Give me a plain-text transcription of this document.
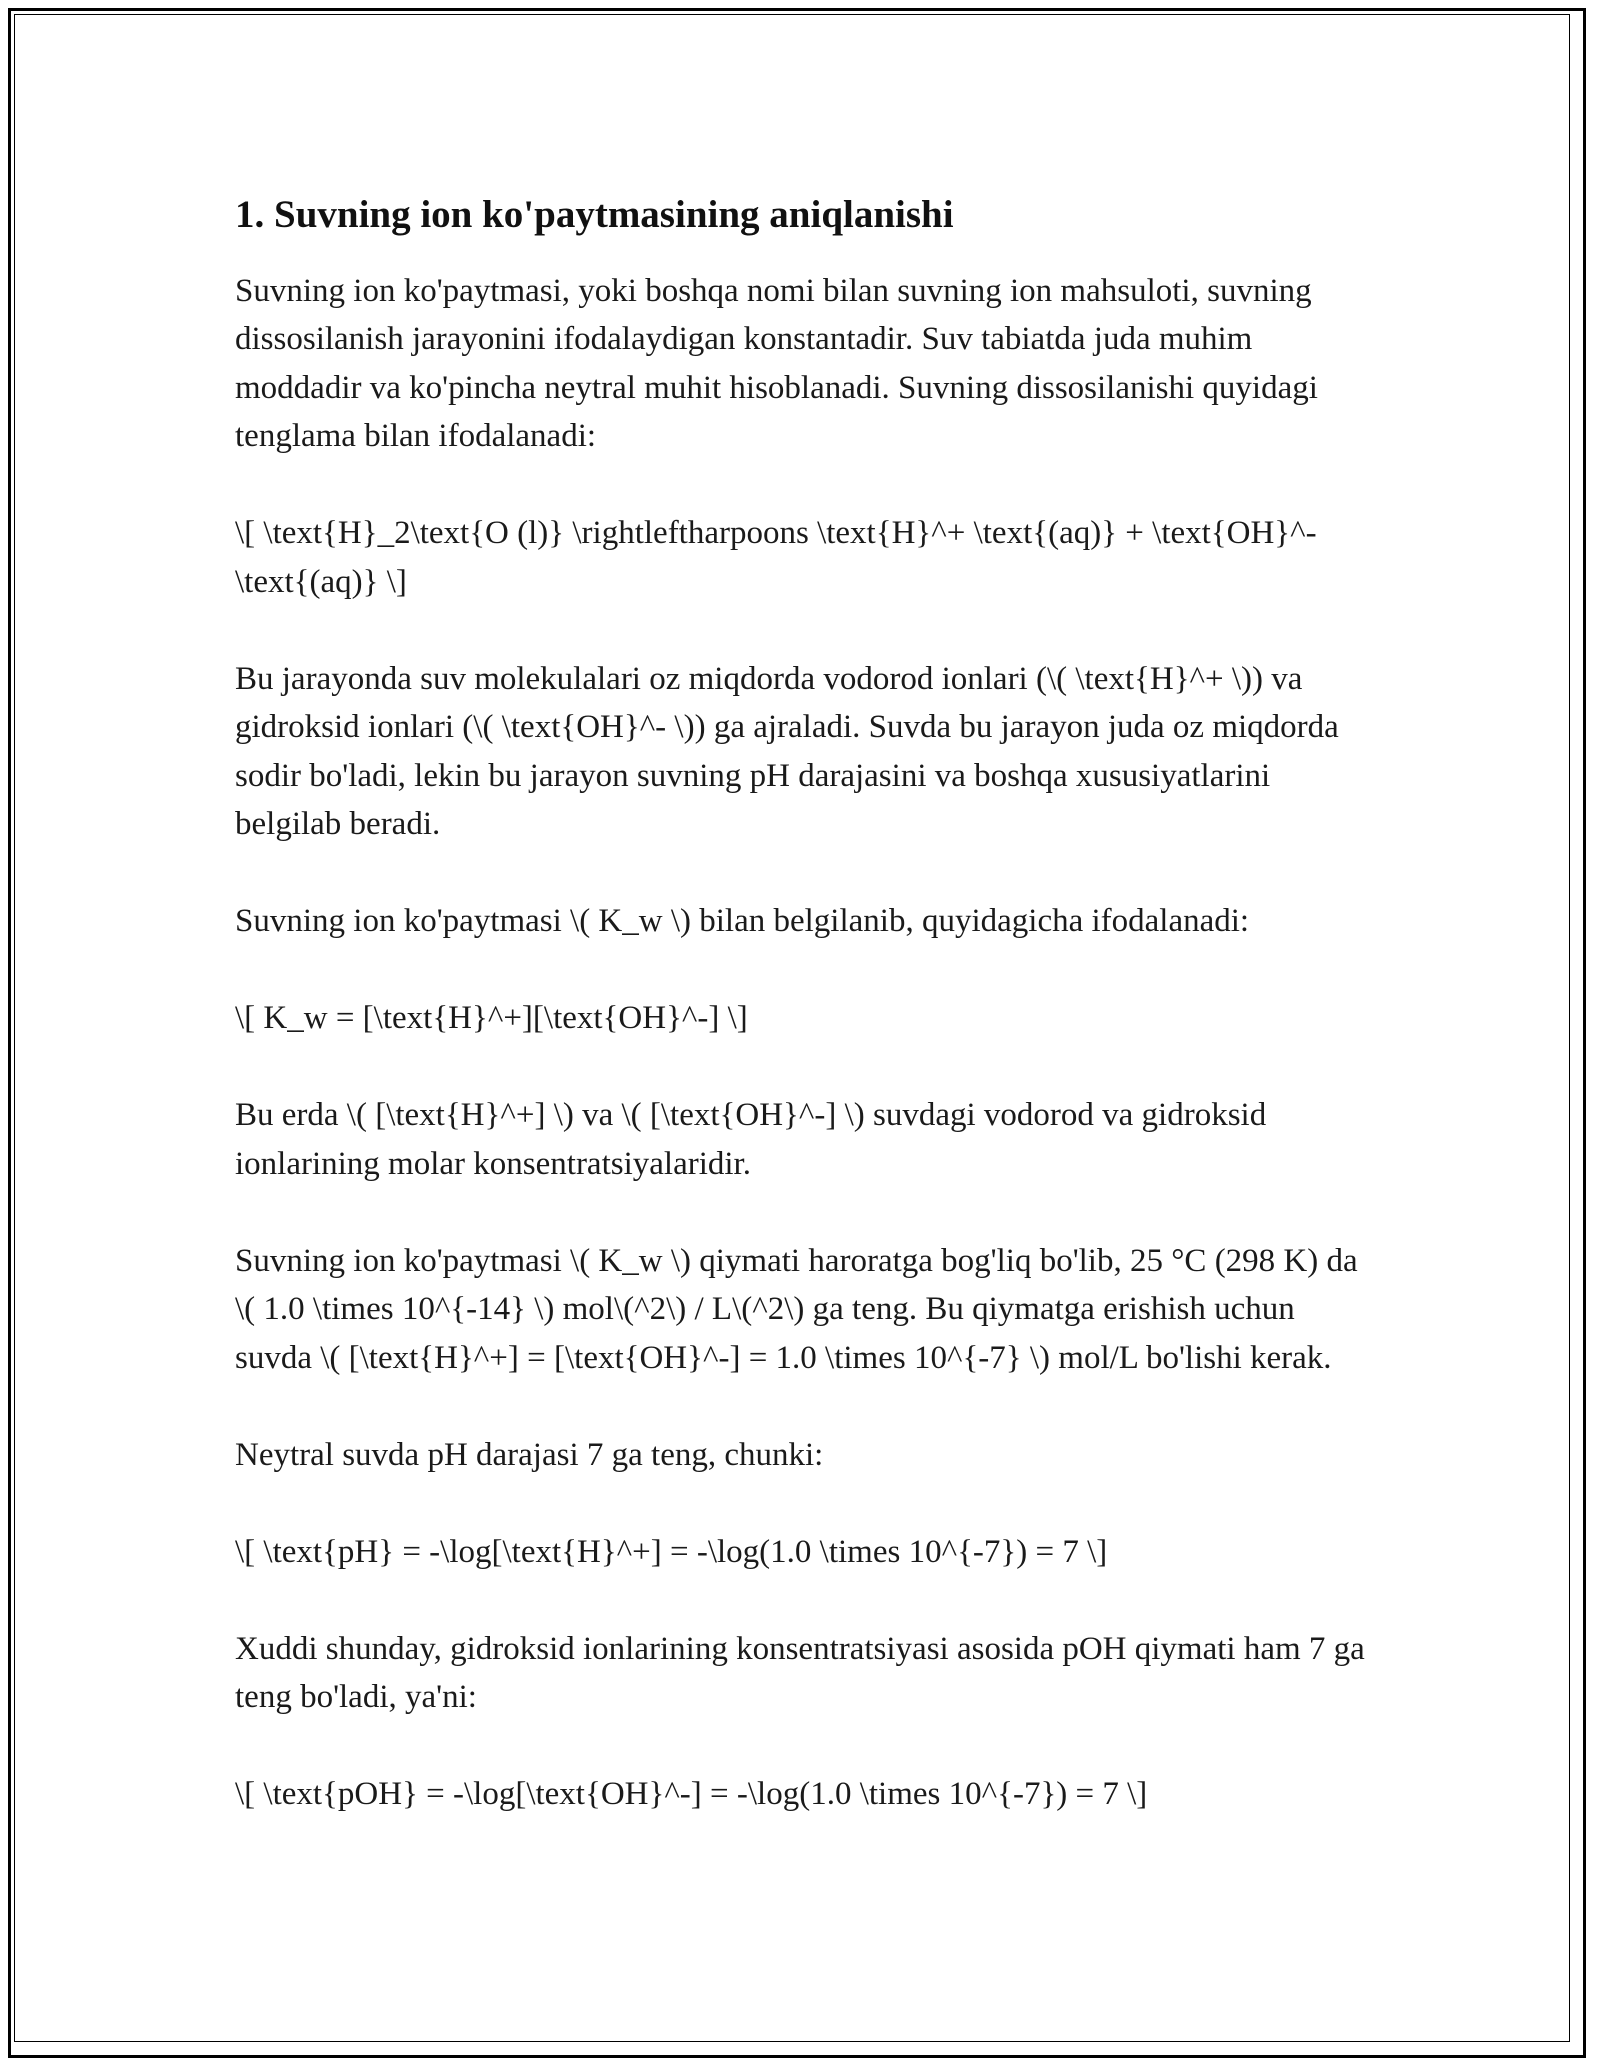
1. Suvning ion ko'paytmasining aniqlanishi

Suvning ion ko'paytmasi, yoki boshqa nomi bilan suvning ion mahsuloti, suvning dissosilanish jarayonini ifodalaydigan konstantadir. Suv tabiatda juda muhim moddadir va ko'pincha neytral muhit hisoblanadi. Suvning dissosilanishi quyidagi tenglama bilan ifodalanadi:

\[ \text{H}_2\text{O (l)} \rightleftharpoons \text{H}^+ \text{(aq)} + \text{OH}^- \text{(aq)} \]

Bu jarayonda suv molekulalari oz miqdorda vodorod ionlari (\( \text{H}^+ \)) va gidroksid ionlari (\( \text{OH}^- \)) ga ajraladi. Suvda bu jarayon juda oz miqdorda sodir bo'ladi, lekin bu jarayon suvning pH darajasini va boshqa xususiyatlarini belgilab beradi.

Suvning ion ko'paytmasi \( K_w \) bilan belgilanib, quyidagicha ifodalanadi:

\[ K_w = [\text{H}^+][\text{OH}^-] \]

Bu erda \( [\text{H}^+] \) va \( [\text{OH}^-] \) suvdagi vodorod va gidroksid ionlarining molar konsentratsiyalaridir.

Suvning ion ko'paytmasi \( K_w \) qiymati haroratga bog'liq bo'lib, 25 °C (298 K) da \( 1.0 \times 10^{-14} \) mol\(^2\) / L\(^2\) ga teng. Bu qiymatga erishish uchun suvda \( [\text{H}^+] = [\text{OH}^-] = 1.0 \times 10^{-7} \) mol/L bo'lishi kerak.

Neytral suvda pH darajasi 7 ga teng, chunki:

\[ \text{pH} = -\log[\text{H}^+] = -\log(1.0 \times 10^{-7}) = 7 \]

Xuddi shunday, gidroksid ionlarining konsentratsiyasi asosida pOH qiymati ham 7 ga teng bo'ladi, ya'ni:

\[ \text{pOH} = -\log[\text{OH}^-] = -\log(1.0 \times 10^{-7}) = 7 \]
